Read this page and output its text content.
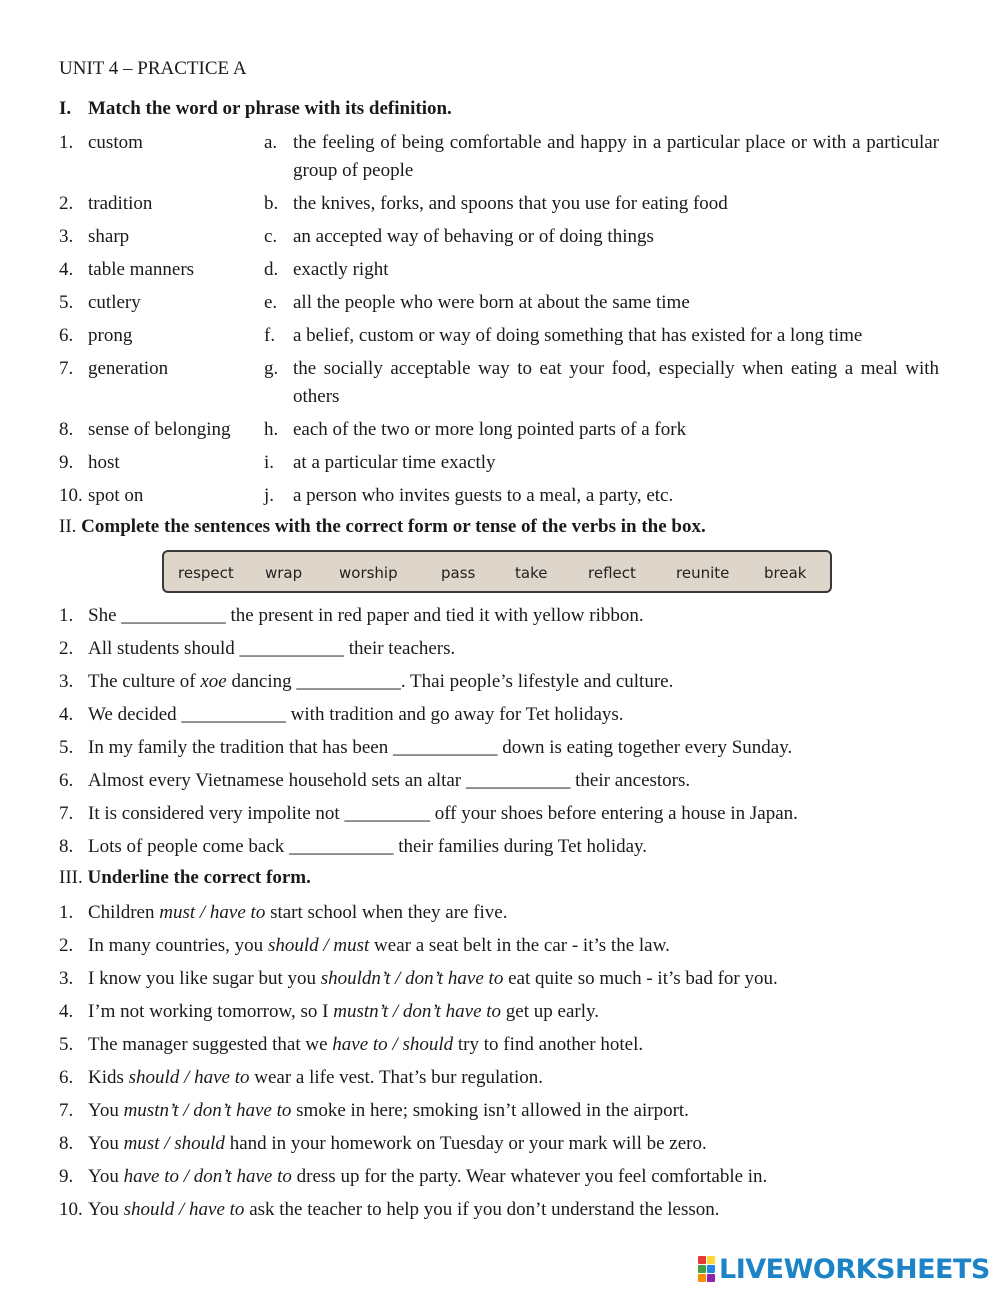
UNIT 4 – PRACTICE A
I. Match the word or phrase with its definition.
1. custom	a. the feeling of being comfortable and happy in a particular place or with a particular group of people
2. tradition	b. the knives, forks, and spoons that you use for eating food
3. sharp	c. an accepted way of behaving or of doing things
4. table manners	d. exactly right
5. cutlery	e. all the people who were born at about the same time
6. prong	f. a belief, custom or way of doing something that has existed for a long time
7. generation	g. the socially acceptable way to eat your food, especially when eating a meal with others
8. sense of belonging h. each of the two or more long pointed parts of a fork
9. host	i. at a particular time exactly
10. spot on	j. a person who invites guests to a meal, a party, etc.
II. Complete the sentences with the correct form or tense of the verbs in the box.
respect wrap worship	pass	take	reflect	reunite break
1. She ___________ the present in red paper and tied it with yellow ribbon.
2. All students should ___________ their teachers.
3. The culture of xoe dancing ___________. Thai people’s lifestyle and culture.
4. We decided ___________ with tradition and go away for Tet holidays.
5. In my family the tradition that has been ___________ down is eating together every Sunday.
6. Almost every Vietnamese household sets an altar ___________ their ancestors.
7. It is considered very impolite not _________ off your shoes before entering a house in Japan.
8. Lots of people come back ___________ their families during Tet holiday.
III. Underline the correct form.
1. Children must / have to start school when they are five.
2. In many countries, you should / must wear a seat belt in the car - it’s the law.
3. I know you like sugar but you shouldn’t / don’t have to eat quite so much - it’s bad for you.
4. I’m not working tomorrow, so I mustn’t / don’t have to get up early.
5. The manager suggested that we have to / should try to find another hotel.
6. Kids should / have to wear a life vest. That’s bur regulation.
7. You mustn’t / don’t have to smoke in here; smoking isn’t allowed in the airport.
8. You must / should hand in your homework on Tuesday or your mark will be zero.
9. You have to / don’t have to dress up for the party. Wear whatever you feel comfortable in.
10. You should / have to ask the teacher to help you if you don’t understand the lesson.
LIVEWORKSHEETS
